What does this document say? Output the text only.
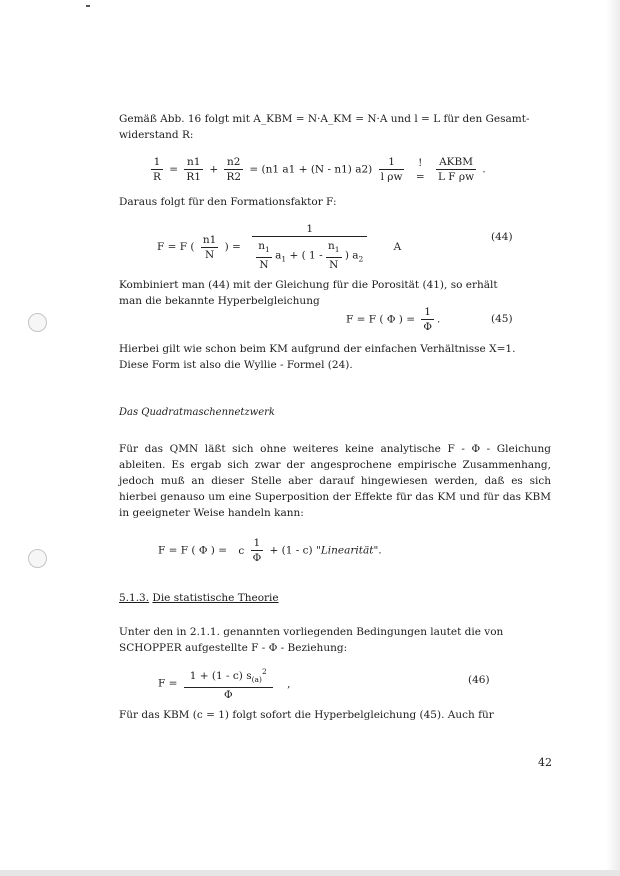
Gemäß Abb. 16 folgt mit A_KBM = N·A_KM = N·A und l = L für den Gesamt-
widerstand R:
$\frac{1}{R} = \frac{n1}{R1} + \frac{n2}{R2} = (n1$ a1 + (N - n1) $a2) \frac{1}{\text{l ρw}}$
	!
=
$\frac{\text{AKBM}}{\text{L F ρw}}$ .
Daraus folgt für den Formationsfaktor F:
F = F ( $\frac{n1}{N}$ ) = $\frac{1}{\frac{n_1}{N} a_1 + ( 1 - \frac{n_1}{N} ) a_2}$	A
(44)
Kombiniert man (44) mit der Gleichung für die Porosität (41), so erhält
man die bekannte Hyperbelgleichung
F = F ( Φ ) = $\frac{1}{\Phi}$ .	(45)
Hierbei gilt wie schon beim KM aufgrund der einfachen Verhältnisse X=1.
Diese Form ist also die Wyllie - Formel (24).
Das Quadratmaschennetzwerk
Für das QMN läßt sich ohne weiteres keine analytische F - Φ - Gleichung ableiten. Es ergab sich zwar der angesprochene empirische Zusammenhang, jedoch muß an dieser Stelle aber darauf hingewiesen werden, daß es sich hierbei genauso um eine Superposition der Effekte für das KM und für das KBM in geeigneter Weise handeln kann:
F = F ( Φ ) = c $\frac{1}{\Phi} + (1 - c)$ "Linearität".
5.1.3. Die statistische Theorie
Unter den in 2.1.1. genannten vorliegenden Bedingungen lautet die von
SCHOPPER aufgestellte F - Φ - Beziehung:
$F = \frac{1 + (1 - c) s_{(a)}^2}{\Phi}$ ,	(46)
Für das KBM (c = 1) folgt sofort die Hyperbelgleichung (45). Auch für
42
